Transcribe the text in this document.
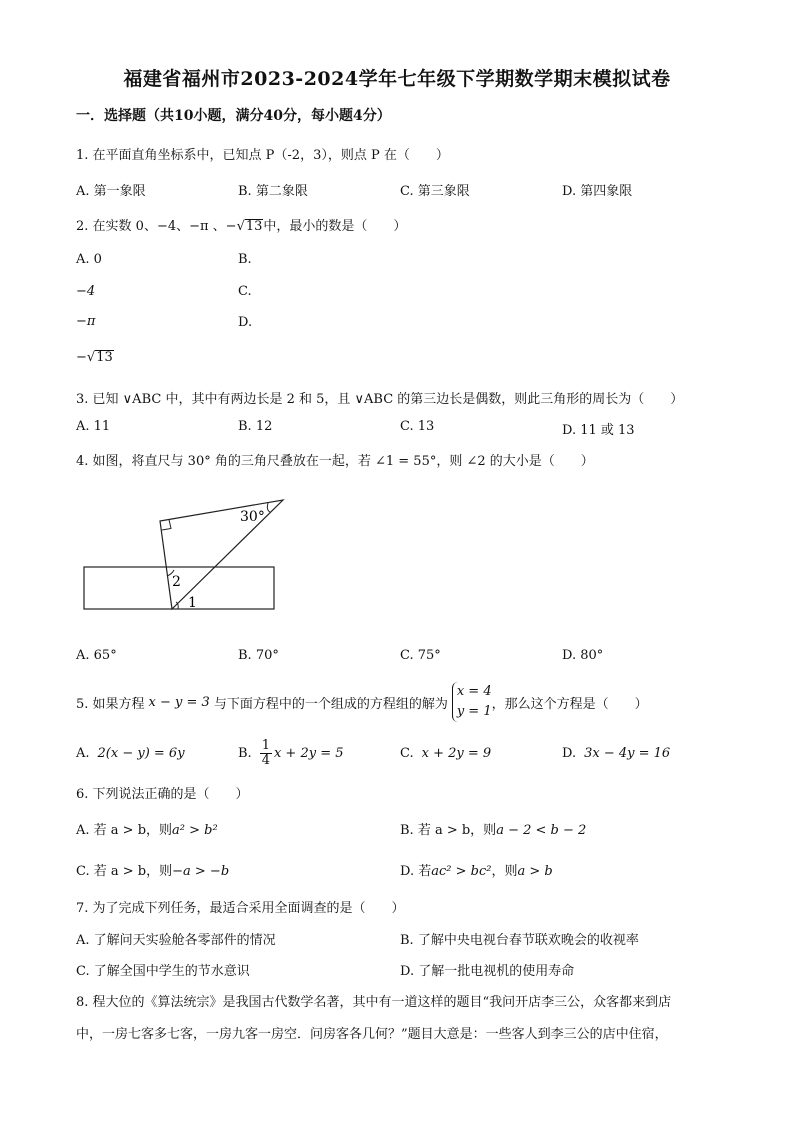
福建省福州市2023-2024学年七年级下学期数学期末模拟试卷
一．选择题（共10小题，满分40分，每小题4分）
1. 在平面直角坐标系中，已知点 P（-2，3），则点 P 在（　　）
A. 第一象限	B. 第二象限	C. 第三象限	D. 第四象限
2. 在实数 0、−4、−π 、−√13中，最小的数是（　　）
A. 0	B.
−4	C.
−π	D.
−√13
3. 已知 ∨ABC 中，其中有两边长是 2 和 5，且 ∨ABC 的第三边长是偶数，则此三角形的周长为（　　）
A. 11	B. 12	C. 13	D. 11 或 13
4. 如图，将直尺与 30° 角的三角尺叠放在一起，若 ∠1 = 55°，则 ∠2 的大小是（　　）
30°
2
1
A. 65°	B. 70°	C. 75°	D. 80°
5. 如果方程 x − y = 3 与下面方程中的一个组成的方程组的解为
x = 4
y = 1 ，那么这个方程是（　　）
A. 2(x − y) = 6y	B. $\frac{1}{4}$ x + 2y = 5	C. x + 2y = 9	D. 3x − 4y = 16
6. 下列说法正确的是（　　）
A. 若 a > b，则a² > b²	B. 若 a > b，则a − 2 < b − 2
C. 若 a > b，则−a > −b	D. 若ac² > bc²，则a > b
7. 为了完成下列任务，最适合采用全面调查的是（　　）
A. 了解问天实验舱各零部件的情况	B. 了解中央电视台春节联欢晚会的收视率
C. 了解全国中学生的节水意识	D. 了解一批电视机的使用寿命
8. 程大位的《算法统宗》是我国古代数学名著，其中有一道这样的题目“我问开店李三公，众客都来到店
中，一房七客多七客，一房九客一房空．问房客各几何？”题目大意是：一些客人到李三公的店中住宿，
